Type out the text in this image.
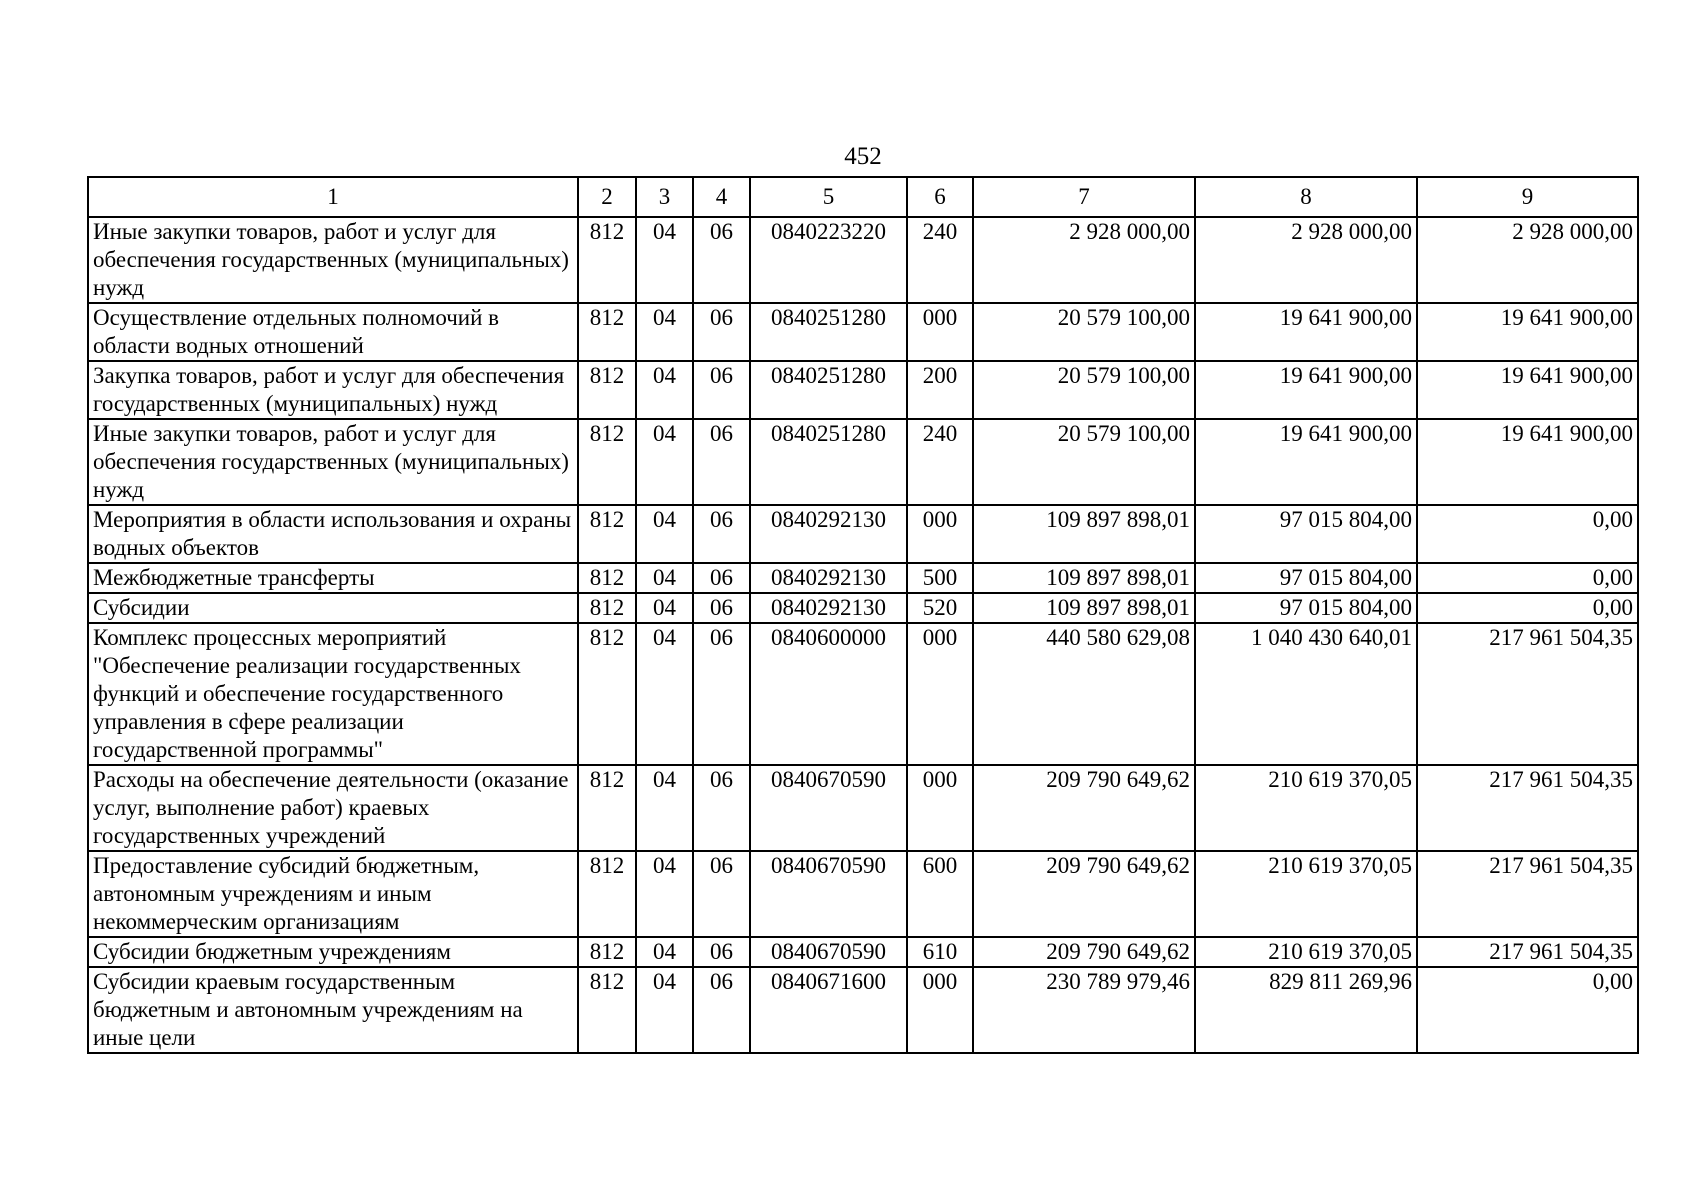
452
1	2	3	4	5	6	7	8	9
Иные закупки товаров, работ и услуг для обеспечения государственных (муниципальных) нужд	812	04	06	0840223220	240	2 928 000,00	2 928 000,00	2 928 000,00
Осуществление отдельных полномочий в области водных отношений	812	04	06	0840251280	000	20 579 100,00	19 641 900,00	19 641 900,00
Закупка товаров, работ и услуг для обеспечения государственных (муниципальных) нужд	812	04	06	0840251280	200	20 579 100,00	19 641 900,00	19 641 900,00
Иные закупки товаров, работ и услуг для обеспечения государственных (муниципальных) нужд	812	04	06	0840251280	240	20 579 100,00	19 641 900,00	19 641 900,00
Мероприятия в области использования и охраны водных объектов	812	04	06	0840292130	000	109 897 898,01	97 015 804,00	0,00
Межбюджетные трансферты	812	04	06	0840292130	500	109 897 898,01	97 015 804,00	0,00
Субсидии	812	04	06	0840292130	520	109 897 898,01	97 015 804,00	0,00
Комплекс процессных мероприятий "Обеспечение реализации государственных функций и обеспечение государственного управления в сфере реализации государственной программы"	812	04	06	0840600000	000	440 580 629,08	1 040 430 640,01	217 961 504,35
Расходы на обеспечение деятельности (оказание услуг, выполнение работ) краевых государственных учреждений	812	04	06	0840670590	000	209 790 649,62	210 619 370,05	217 961 504,35
Предоставление субсидий бюджетным, автономным учреждениям и иным некоммерческим организациям	812	04	06	0840670590	600	209 790 649,62	210 619 370,05	217 961 504,35
Субсидии бюджетным учреждениям	812	04	06	0840670590	610	209 790 649,62	210 619 370,05	217 961 504,35
Субсидии краевым государственным бюджетным и автономным учреждениям на иные цели	812	04	06	0840671600	000	230 789 979,46	829 811 269,96	0,00
